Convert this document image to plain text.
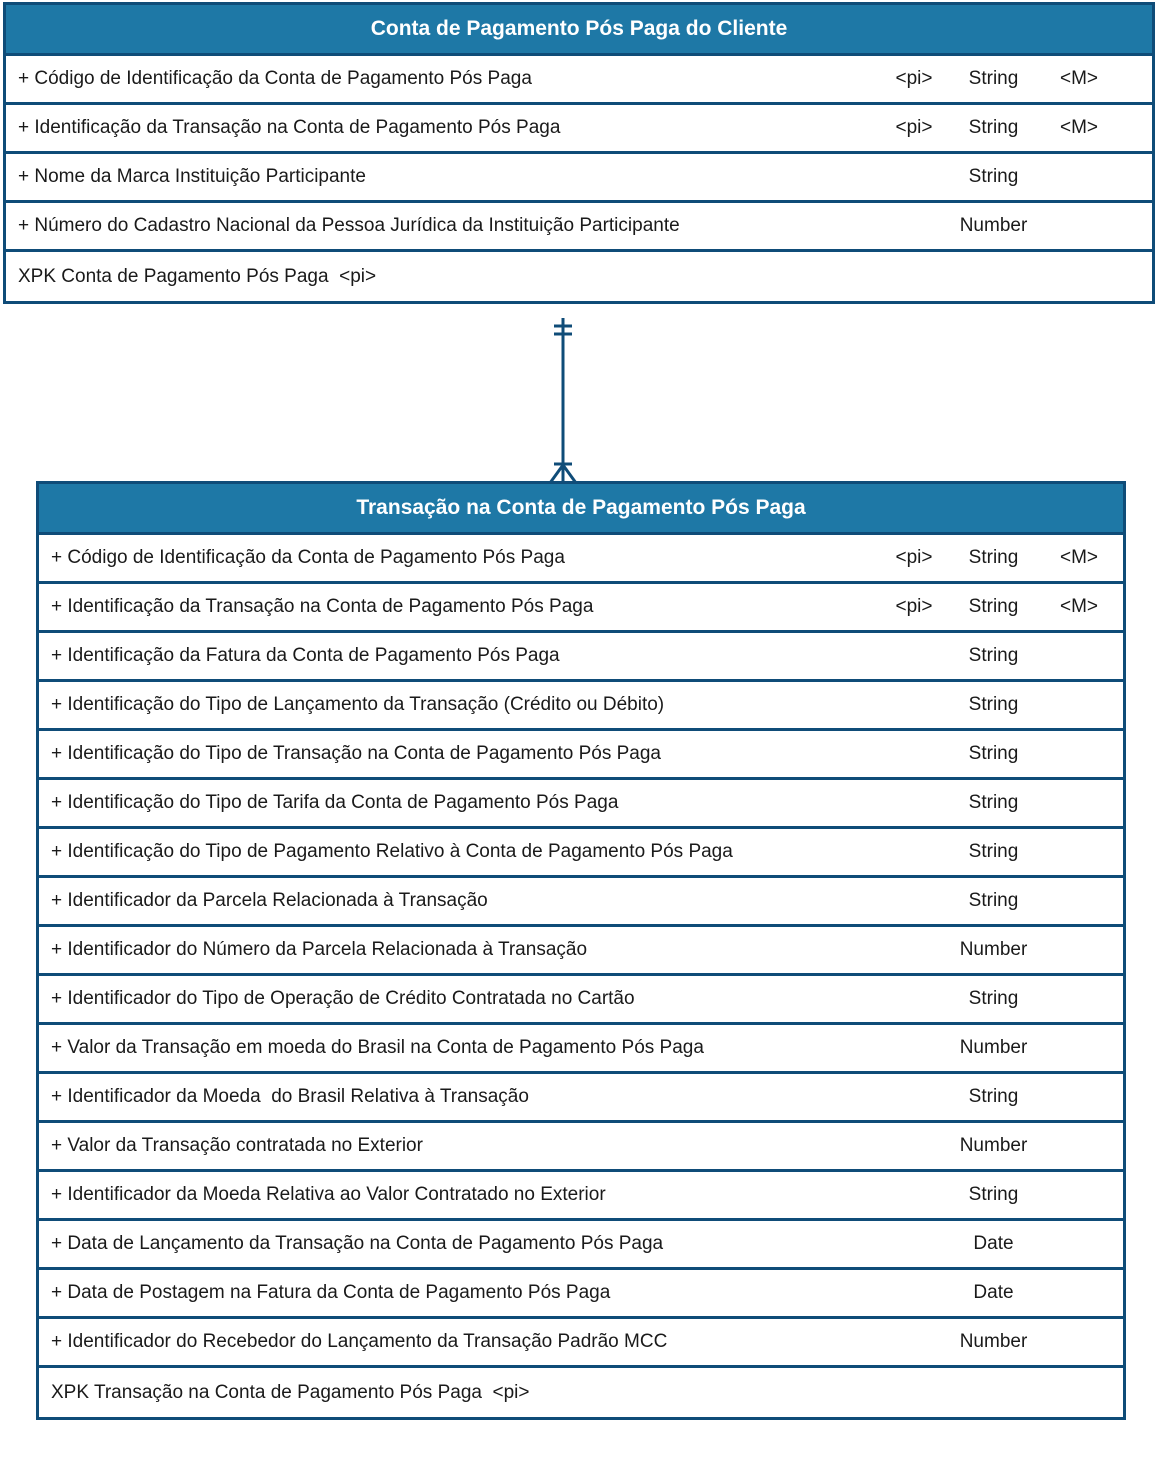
Conta de Pagamento Pós Paga do Cliente
+ Código de Identificação da Conta de Pagamento Pós Paga	<pi>	String	<M>
+ Identificação da Transação na Conta de Pagamento Pós Paga	<pi>	String	<M>
+ Nome da Marca Instituição Participante	String
+ Número do Cadastro Nacional da Pessoa Jurídica da Instituição Participante	Number
XPK Conta de Pagamento Pós Paga  <pi>
Transação na Conta de Pagamento Pós Paga
+ Código de Identificação da Conta de Pagamento Pós Paga	<pi>	String	<M>
+ Identificação da Transação na Conta de Pagamento Pós Paga	<pi>	String	<M>
+ Identificação da Fatura da Conta de Pagamento Pós Paga	String
+ Identificação do Tipo de Lançamento da Transação (Crédito ou Débito)	String
+ Identificação do Tipo de Transação na Conta de Pagamento Pós Paga	String
+ Identificação do Tipo de Tarifa da Conta de Pagamento Pós Paga	String
+ Identificação do Tipo de Pagamento Relativo à Conta de Pagamento Pós Paga	String
+ Identificador da Parcela Relacionada à Transação	String
+ Identificador do Número da Parcela Relacionada à Transação	Number
+ Identificador do Tipo de Operação de Crédito Contratada no Cartão	String
+ Valor da Transação em moeda do Brasil na Conta de Pagamento Pós Paga	Number
+ Identificador da Moeda  do Brasil Relativa à Transação	String
+ Valor da Transação contratada no Exterior	Number
+ Identificador da Moeda Relativa ao Valor Contratado no Exterior	String
+ Data de Lançamento da Transação na Conta de Pagamento Pós Paga	Date
+ Data de Postagem na Fatura da Conta de Pagamento Pós Paga	Date
+ Identificador do Recebedor do Lançamento da Transação Padrão MCC	Number
XPK Transação na Conta de Pagamento Pós Paga  <pi>
